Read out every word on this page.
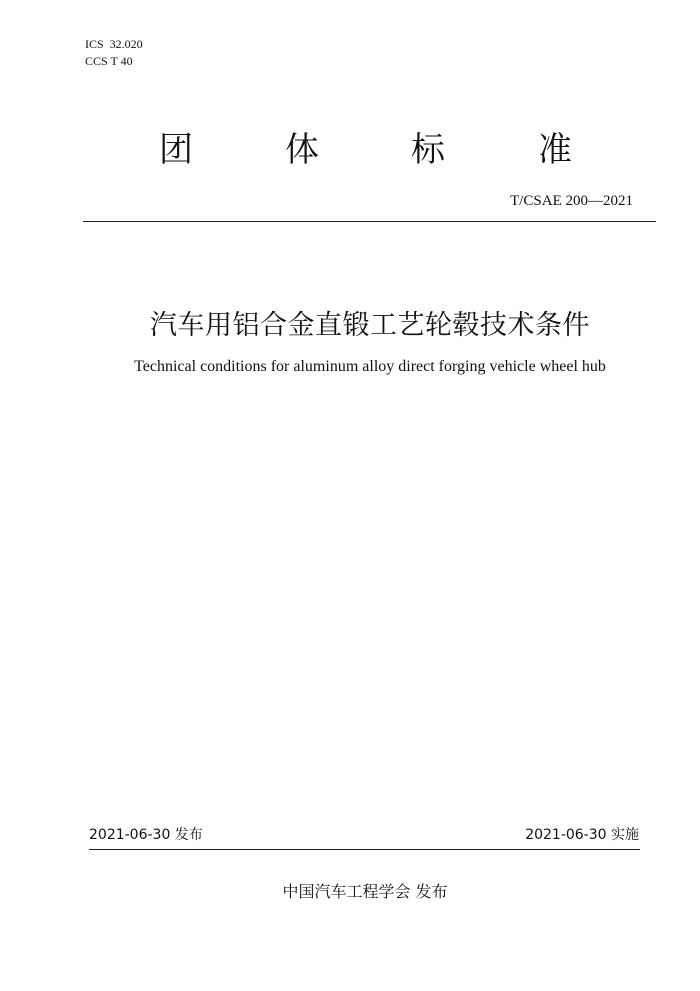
ICS  32.020
CCS T 40
团	体	标	准
T/CSAE 200—2021
汽车用铝合金直锻工艺轮毂技术条件
Technical conditions for aluminum alloy direct forging vehicle wheel hub
2021-06-30 发布	2021-06-30 实施
中国汽车工程学会 发布
